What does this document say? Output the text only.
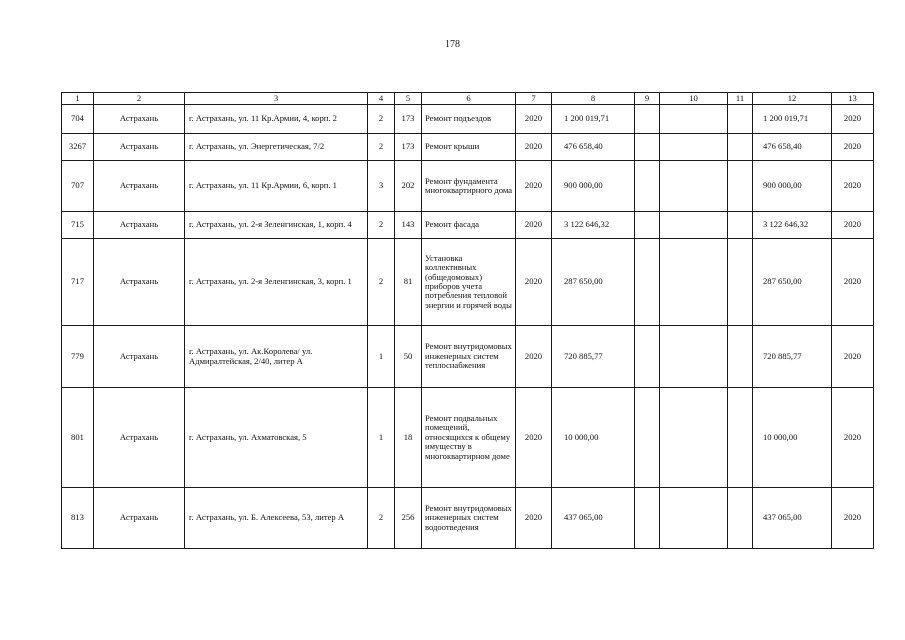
178
1	2	3	4	5	6	7	8	9	10	11	12	13
704	Астрахань	г. Астрахань, ул. 11 Кр.Армии, 4, корп. 2	2	173	Ремонт подъездов	2020	1 200 019,71				1 200 019,71	2020
3267	Астрахань	г. Астрахань, ул. Энергетическая, 7/2	2	173	Ремонт крыши	2020	476 658,40				476 658,40	2020
707	Астрахань	г. Астрахань, ул. 11 Кр.Армии, 6, корп. 1	3	202	Ремонт фундамента многоквартирного дома	2020	900 000,00				900 000,00	2020
715	Астрахань	г. Астрахань, ул. 2-я Зеленгинская, 1, корп. 4	2	143	Ремонт фасада	2020	3 122 646,32				3 122 646,32	2020
717	Астрахань	г. Астрахань, ул. 2-я Зеленгинская, 3, корп. 1	2	81	Установка коллективных (общедомовых) приборов учета потребления тепловой энергии и горячей воды	2020	287 650,00				287 650,00	2020
779	Астрахань	г. Астрахань, ул. Ак.Королева/ ул. Адмиралтейская, 2/40, литер А	1	50	Ремонт внутридомовых инженерных систем теплоснабжения	2020	720 885,77				720 885,77	2020
801	Астрахань	г. Астрахань, ул. Ахматовская, 5	1	18	Ремонт подвальных помещений, относящихся к общему имуществу в многоквартирном доме	2020	10 000,00				10 000,00	2020
813	Астрахань	г. Астрахань, ул. Б. Алексеева, 53, литер А	2	256	Ремонт внутридомовых инженерных систем водоотведения	2020	437 065,00				437 065,00	2020
